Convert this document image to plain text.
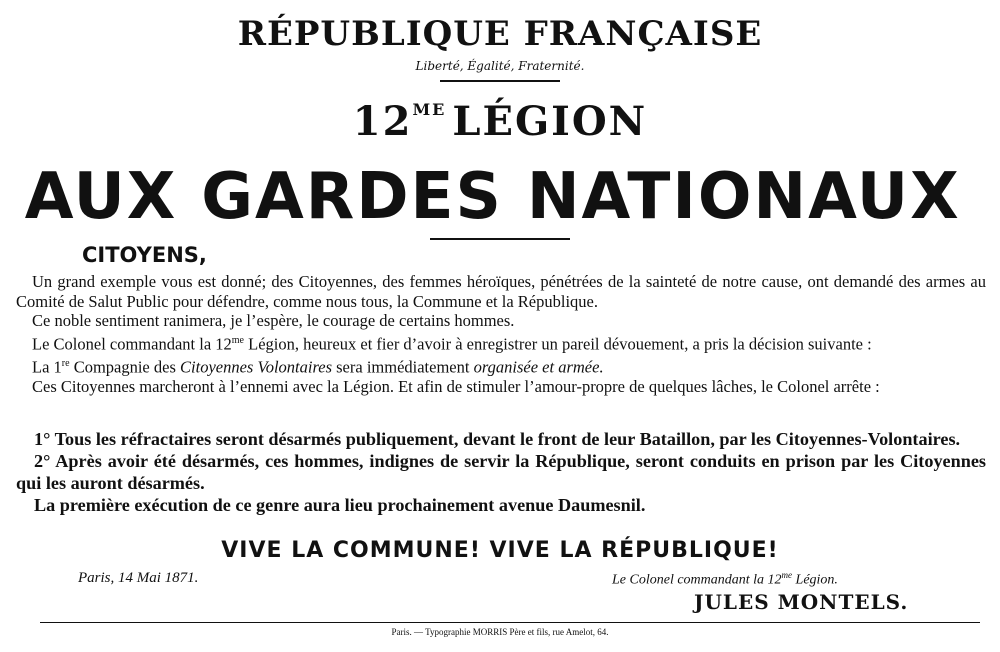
RÉPUBLIQUE FRANÇAISE
Liberté, Égalité, Fraternité.
$12^{ME}$ LÉGION
AUX GARDES NATIONAUX
CITOYENS,

Un grand exemple vous est donné; des Citoyennes, des femmes héroïques, pénétrées de la sainteté de notre cause, ont demandé des armes au Comité de Salut Public pour défendre, comme nous tous, la Commune et la République.

Ce noble sentiment ranimera, je l’espère, le courage de certains hommes.

Le Colonel commandant la $12^{me}$ Légion, heureux et fier d’avoir à enregistrer un pareil dévouement, a pris la décision suivante :

La 1re Compagnie des Citoyennes Volontaires sera immédiatement organisée et armée.

Ces Citoyennes marcheront à l’ennemi avec la Légion. Et afin de stimuler l’amour-propre de quelques lâches, le Colonel arrête :

1° Tous les réfractaires seront désarmés publiquement, devant le front de leur Bataillon, par les Citoyennes-Volontaires.

2° Après avoir été désarmés, ces hommes, indignes de servir la République, seront conduits en prison par les Citoyennes qui les auront désarmés.

La première exécution de ce genre aura lieu prochainement avenue Daumesnil.

VIVE LA COMMUNE! VIVE LA RÉPUBLIQUE!
Paris, 14 Mai 1871.	Le Colonel commandant la $12^{me}$ Légion.
JULES MONTELS.
Paris. — Typographie MORRIS Père et fils, rue Amelot, 64.
